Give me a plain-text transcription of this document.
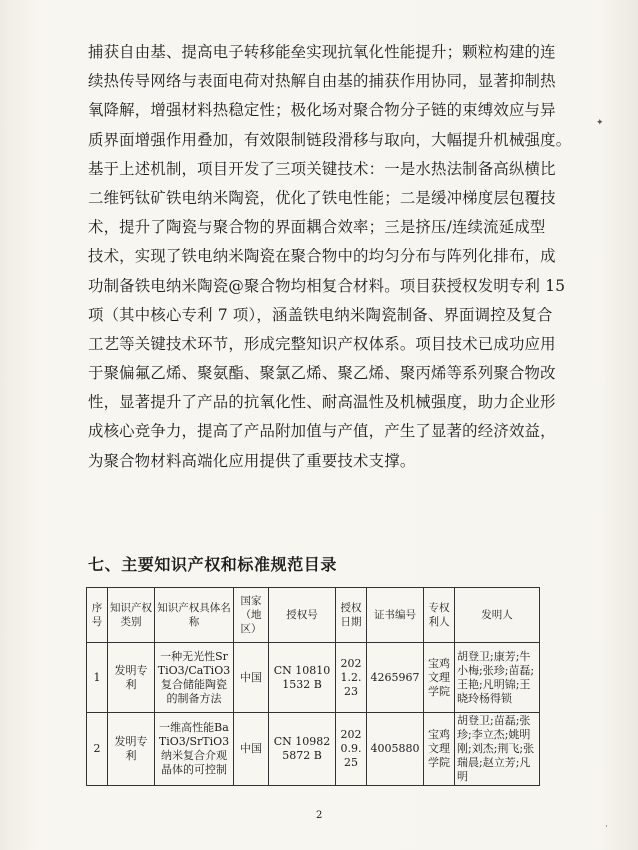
捕获自由基、提高电子转移能垒实现抗氧化性能提升；颗粒构建的连
续热传导网络与表面电荷对热解自由基的捕获作用协同，显著抑制热
氧降解，增强材料热稳定性；极化场对聚合物分子链的束缚效应与异
质界面增强作用叠加，有效限制链段滑移与取向，大幅提升机械强度。
基于上述机制，项目开发了三项关键技术：一是水热法制备高纵横比
二维钙钛矿铁电纳米陶瓷，优化了铁电性能；二是缓冲梯度层包覆技
术，提升了陶瓷与聚合物的界面耦合效率；三是挤压/连续流延成型
技术，实现了铁电纳米陶瓷在聚合物中的均匀分布与阵列化排布，成
功制备铁电纳米陶瓷@聚合物均相复合材料。项目获授权发明专利 15
项（其中核心专利 7 项），涵盖铁电纳米陶瓷制备、界面调控及复合
工艺等关键技术环节，形成完整知识产权体系。项目技术已成功应用
于聚偏氟乙烯、聚氨酯、聚氯乙烯、聚乙烯、聚丙烯等系列聚合物改
性，显著提升了产品的抗氧化性、耐高温性及机械强度，助力企业形
成核心竞争力，提高了产品附加值与产值，产生了显著的经济效益，
为聚合物材料高端化应用提供了重要技术支撑。
七、主要知识产权和标准规范目录
序号	知识产权类别	知识产权具体名称	国家（地区）	授权号	授权日期	证书编号	专权利人	发明人
1	发明专利	一种无光性SrTiO3/CaTiO3复合储能陶瓷的制备方法	中国	CN 108101532 B	2021.2.23	4265967	宝鸡文理学院	胡登卫;康芳;牛小梅;张珍;苗磊;王艳;凡明锦;王晓玲杨得锁
2	发明专利	一维高性能BaTiO3/SrTiO3纳米复合介观晶体的可控制	中国	CN 109825872 B	2020.9.25	4005880	宝鸡文理学院	胡登卫;苗磊;张珍;李立杰;姚明刚;刘杰;荆飞;张瑞晨;赵立芳;凡明
2
✦
·
